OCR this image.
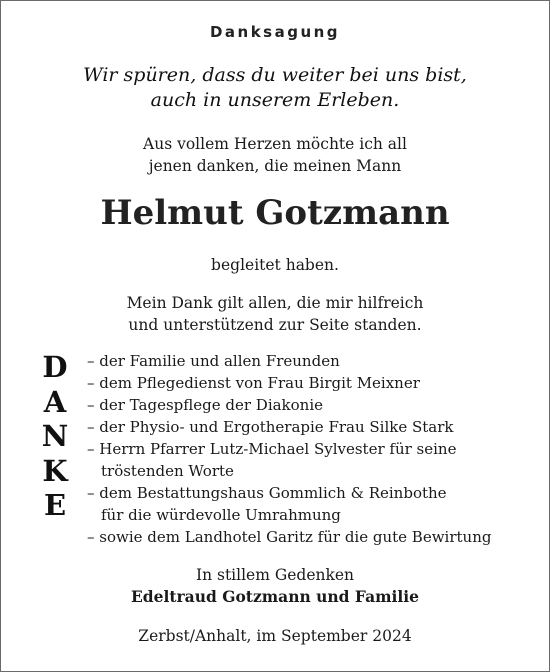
Danksagung
Wir spüren, dass du weiter bei uns bist,
auch in unserem Erleben.
Aus vollem Herzen möchte ich all
jenen danken, die meinen Mann
Helmut Gotzmann
begleitet haben.
Mein Dank gilt allen, die mir hilfreich
und unterstützend zur Seite standen.
D
A
N
K
E
– der Familie und allen Freunden
– dem Pflegedienst von Frau Birgit Meixner
– der Tagespflege der Diakonie
– der Physio- und Ergotherapie Frau Silke Stark
– Herrn Pfarrer Lutz-Michael Sylvester für seine
tröstenden Worte
– dem Bestattungshaus Gommlich & Reinbothe
für die würdevolle Umrahmung
– sowie dem Landhotel Garitz für die gute Bewirtung
In stillem Gedenken
Edeltraud Gotzmann und Familie
Zerbst/Anhalt, im September 2024
